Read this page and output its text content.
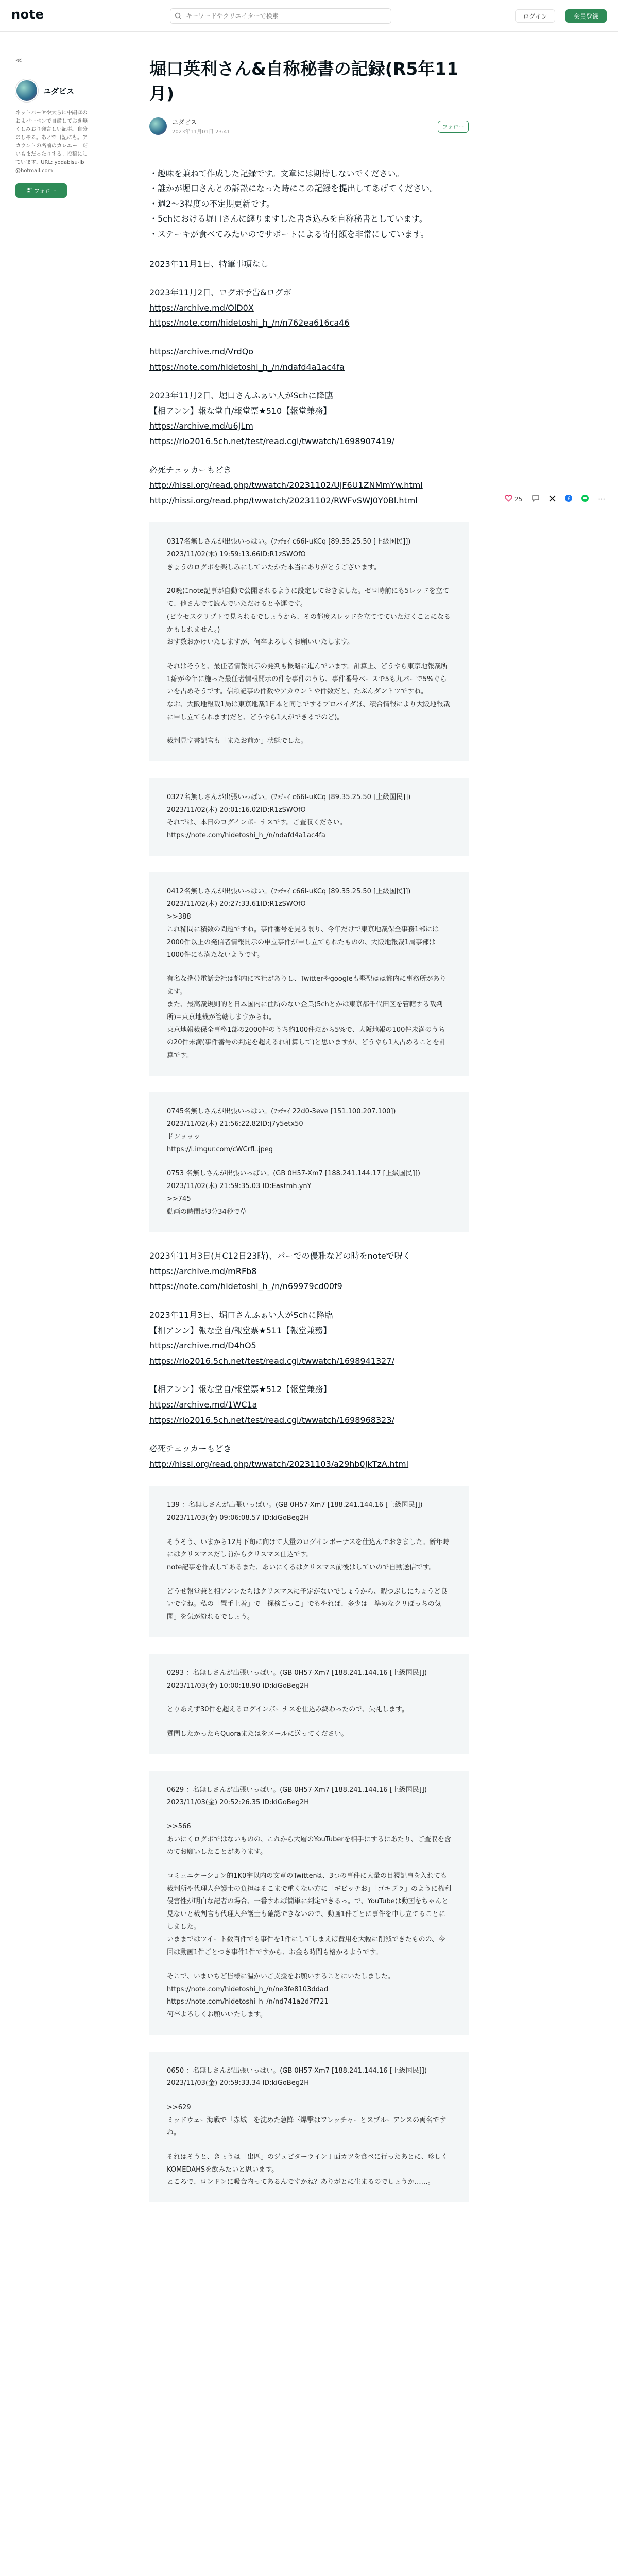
note
キーワードやクリエイターで検索	ログイン	会員登録
≪
ユダビス
ネットバーヤや大らに中嗣ほのおよバーペンで自粛しておき無くしみおり発言しい記事。自分のしやる。あとで日記にも。アカウントの名前のカレエー　だいもまだったりする。投稿にしています。URL: yodabisu-lb@hotmail.com
フォロー
堀口英利さん&自称秘書の記録(R5年11月)
ユダビス
2023年11月01日 23:41
フォロー
・趣味を兼ねて作成した記録です。文章には期待しないでください。
・誰かが堀口さんとの訴訟になった時にこの記録を提出してあげてください。
・週2～3程度の不定期更新です。
・5chにおける堀口さんに纏りますした書き込みを自称秘書としています。
・ステーキが食べてみたいのでサポートによる寄付額を非常にしています。

2023年11月1日、特筆事項なし

2023年11月2日、ログボ予告&ログボ
https://archive.md/OlD0X
https://note.com/hidetoshi_h_/n/n762ea616ca46
https://archive.md/VrdQo
https://note.com/hidetoshi_h_/n/ndafd4a1ac4fa
2023年11月2日、堀口さんふぁい人がSchに降臨
【相アンン】報な堂自/報堂票★510【報堂兼務】
https://archive.md/u6JLm
https://rio2016.5ch.net/test/read.cgi/twwatch/1698907419/
必死チェッカーもどき
http://hissi.org/read.php/twwatch/20231102/UjF6U1ZNMmYw.html
http://hissi.org/read.php/twwatch/20231102/RWFvSWJ0Y0Bl.html

0317名無しさんが出張いっぱい。(ﾜｯﾁｮｲ c66l-uKCq [89.35.25.50 [上級国民]])
2023/11/02(木) 19:59:13.66ID:R1zSWOfO
きょうのログボを楽しみにしていたかた本当にありがとうございます。

20晩にnote記事が自動で公開されるように設定しておきました。ゼロ時前にも5レッドを立てて、他さんでて読んでいただけると幸運です。
(ビウセスクリプトで見られるでしょうから、その都度スレッドを立ててていただくことになるかもしれません。)
おす数おかけいたしますが、何卒よろしくお願いいたします。

それはそうと、最任者情報開示の発判も概略に進んでいます。計算上、どうやら東京地報裁所1縮が今年に施った最任者情報開示の件を事件のうち、事件番号ベースで5も九パーで5%ぐらいを占めそうです。信頼記事の件数やアカウントや件数だと、たぶんダントツですね。
なお、大阪地報裁1局は東京地裁1日本と同じでするプロバイダほ、積合情報により大阪地報裁に申し立てられます(だと、どうやら1人ができるでのど)。

裁判見す書記官も「またお前か」状態でした。

0327名無しさんが出張いっぱい。(ﾜｯﾁｮｲ c66l-uKCq [89.35.25.50 [上級国民]])
2023/11/02(木) 20:01:16.02ID:R1zSWOfO
それでは、本日のログインボーナスです。ご査収ください。
https://note.com/hidetoshi_h_/n/ndafd4a1ac4fa

0412名無しさんが出張いっぱい。(ﾜｯﾁｮｲ c66l-uKCq [89.35.25.50 [上級国民]])
2023/11/02(木) 20:27:33.61ID:R1zSWOfO
>>388
これ稀問に積数の問題ですね。事件番号を見る限り、今年だけで東京地裁保全事務1部には2000件以上の発信者情報開示の申立事件が申し立てられたものの、大阪地報裁1局事部は1000件にも満たないようです。

有名な携帯電話会社は都内に本社がありし、Twitterやgoogleも堅聖はは都内に事務所があります。
また、最高裁規則的と日本国内に住所のない企業(5chとかは東京都千代田区を管轄する裁判所)=東京地裁が管轄しますからね。
東京地報裁保全事務1部の2000件のうち約100件だから5%で、大阪地報の100件未満のうちの20件未満(事件番号の判定を超えるれ計算して)と思いますが、どうやら1人占めることを計算です。

0745名無しさんが出張いっぱい。(ﾜｯﾁｮｲ 22d0-3eve [151.100.207.100])
2023/11/02(木) 21:56:22.82ID:j7y5etx50
ドンッッッ
https://i.imgur.com/cWCrfL.jpeg

0753 名無しさんが出張いっぱい。(GB 0H57-Xm7 [188.241.144.17 [上級国民]])
2023/11/02(木) 21:59:35.03 ID:Eastmh.ynY
>>745
動画の時間が3分34秒で草

2023年11月3日(月C12日23時)、パーでの優雅などの時をnoteで呪く
https://archive.md/mRFb8
https://note.com/hidetoshi_h_/n/n69979cd00f9
2023年11月3日、堀口さんふぁい人がSchに降臨
【相アンン】報な堂自/報堂票★511【報堂兼務】
https://archive.md/D4hO5
https://rio2016.5ch.net/test/read.cgi/twwatch/1698941327/
【相アンン】報な堂自/報堂票★512【報堂兼務】
https://archive.md/1WC1a
https://rio2016.5ch.net/test/read.cgi/twwatch/1698968323/
必死チェッカーもどき
http://hissi.org/read.php/twwatch/20231103/a29hb0JkTzA.html

139 ：名無しさんが出張いっぱい。(GB 0H57-Xm7 [188.241.144.16 [上級国民]])
2023/11/03(金) 09:06:08.57 ID:kiGoBeg2H

そうそう、いまから12月下旬に向けて大量のログインボーナスを仕込んでおきました。新年時にはクリスマスだし前からクリスマス仕込です。
note記事を作成してあるまた、あいにくるはクリスマス前後はしていので自動送信です。

どうせ報堂兼と相アンンたちはクリスマスに予定がないでしょうから、暇つぶしにちょうど良いですね。私の「置手上着」で「探検ごっこ」でもやれば、多少は「準めなクリぼっちの気聞」を気が紛れるでしょう。

0293 ：名無しさんが出張いっぱい。(GB 0H57-Xm7 [188.241.144.16 [上級国民]])
2023/11/03(金) 10:00:18.90 ID:kiGoBeg2H

とりあえず30件を超えるログインボーナスを仕込み終わったので、失礼します。

質問したかったらQuoraまたはをメールに送ってください。

0629 ：名無しさんが出張いっぱい。(GB 0H57-Xm7 [188.241.144.16 [上級国民]])
2023/11/03(金) 20:52:26.35 ID:kiGoBeg2H

>>566
あいにくログボではないものの、これから大層のYouTuberを相手にするにあたり、ご査収を含めてお願いしたことがあります。

コミュニケーション的1K0宇以内の文章のTwitterは、3つの事件に大量の目視記事を入れても裁判所や代理人弁護士の負担はそこまで重くない方に「ギビッチお」「ゴキブラ」のように権利侵害性が明白な記者の場合、一番すれば簡単に判定できるっ。で、YouTubeは動画をちゃんと見ないと裁判官も代理人弁護士も確認できないので、動画1件ごとに事件を申し立てることにしました。
いままではツイート数百件でも事件を1件にしてしまえば費用を大幅に削減できたものの、今回は動画1件ごとつき事件1件ですから、お金も時間も格かるようです。

そこで、いまいちど皆様に温かいご支援をお願いすることにいたしました。
https://note.com/hidetoshi_h_/n/ne3fe8103ddad
https://note.com/hidetoshi_h_/n/nd741a2d7f721
何卒よろしくお願いいたします。

0650 ：名無しさんが出張いっぱい。(GB 0H57-Xm7 [188.241.144.16 [上級国民]])
2023/11/03(金) 20:59:33.34 ID:kiGoBeg2H

>>629
ミッドウェー海戦で「赤城」を沈めた急降下爆撃はフレッチャーとスプルーアンスの両名ですね。

それはそうと、きょうは「出匹」のジュピターライン丁面カツを食べに行ったあとに、珍しくKOMEDAHSを飲みたいと思います。
ところで、ロンドンに吸合内ってあるんですかね？ありがとに生まるのでしょうか……。

25	⋯
